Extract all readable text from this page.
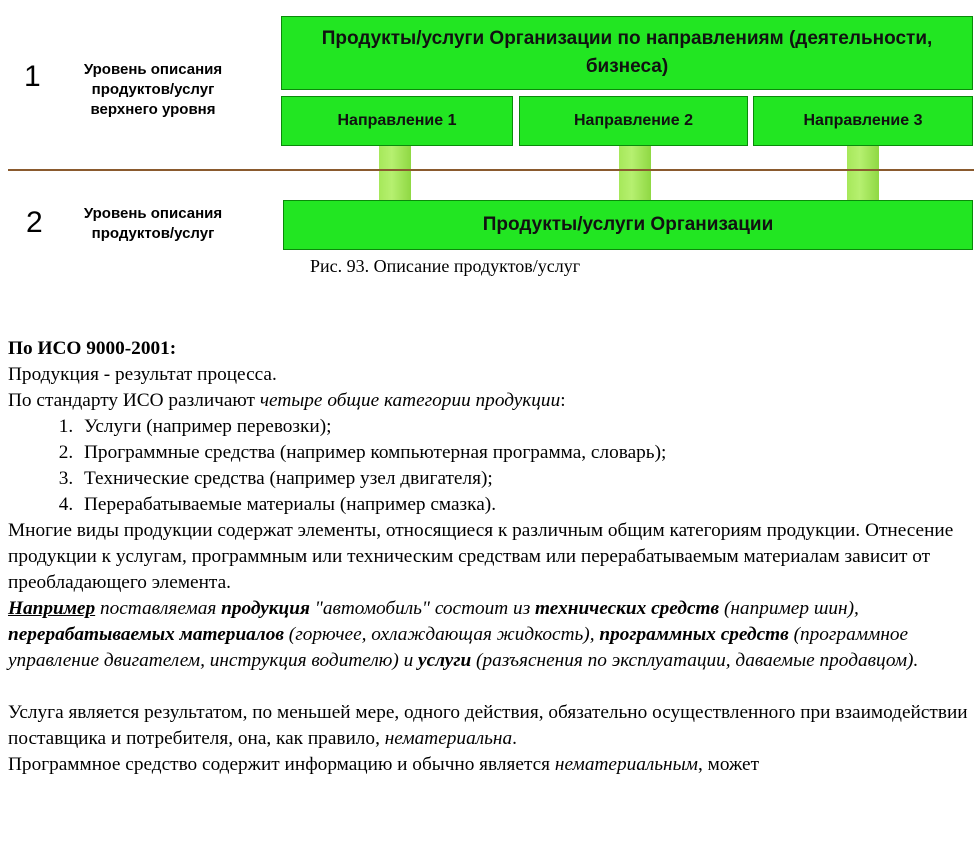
1	Уровень описания продуктов/услуг верхнего уровня
Продукты/услуги Организации по направлениям (деятельности, бизнеса)
Направление 1	Направление 2	Направление 3
2	Уровень описания продуктов/услуг	Продукты/услуги Организации
Рис. 93. Описание продуктов/услуг

По ИСО 9000-2001:

Продукция - результат процесса.

По стандарту ИСО различают четыре общие категории продукции:

1. Услуги (например перевозки);
2. Программные средства (например компьютерная программа, словарь);
3. Технические средства (например узел двигателя);
4. Перерабатываемые материалы (например смазка).

Многие виды продукции содержат элементы, относящиеся к различным общим категориям продукции. Отнесение продукции к услугам, программным или техническим средствам или перерабатываемым материалам зависит от преобладающего элемента.

Например поставляемая продукция "автомобиль" состоит из технических средств (например шин), перерабатываемых материалов (горючее, охлаждающая жидкость), программных средств (программное управление двигателем, инструкция водителю) и услуги (разъяснения по эксплуатации, даваемые продавцом).

Услуга является результатом, по меньшей мере, одного действия, обязательно осуществленного при взаимодействии поставщика и потребителя, она, как правило, нематериальна.

Программное средство содержит информацию и обычно является нематериальным, может
